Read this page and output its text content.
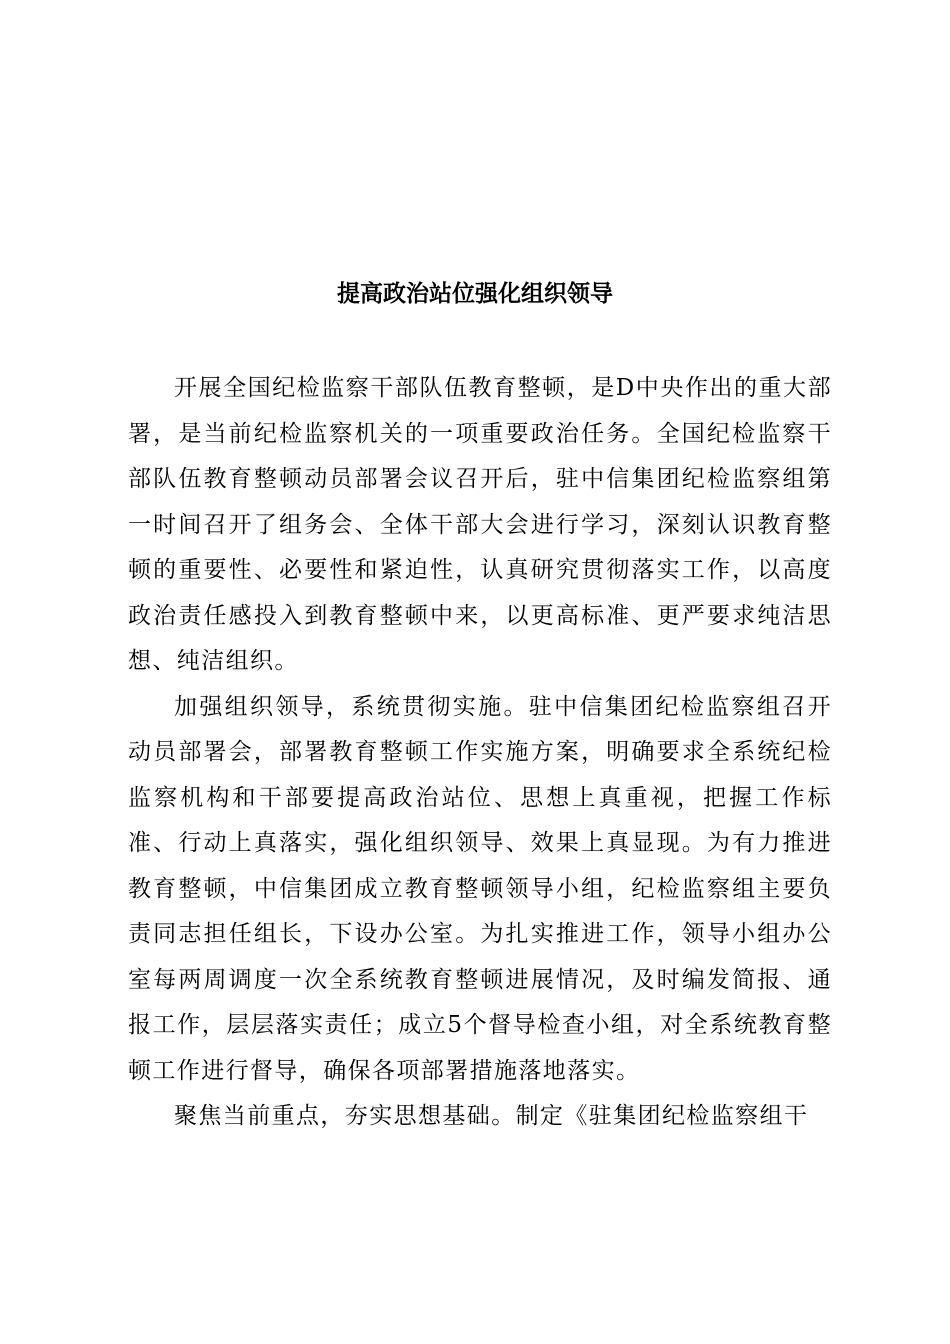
提高政治站位强化组织领导

开展全国纪检监察干部队伍教育整顿，是D中央作出的重大部署，是当前纪检监察机关的一项重要政治任务。全国纪检监察干部队伍教育整顿动员部署会议召开后，驻中信集团纪检监察组第一时间召开了组务会、全体干部大会进行学习，深刻认识教育整顿的重要性、必要性和紧迫性，认真研究贯彻落实工作，以高度政治责任感投入到教育整顿中来，以更高标准、更严要求纯洁思想、纯洁组织。

加强组织领导，系统贯彻实施。驻中信集团纪检监察组召开动员部署会，部署教育整顿工作实施方案，明确要求全系统纪检监察机构和干部要提高政治站位、思想上真重视，把握工作标准、行动上真落实，强化组织领导、效果上真显现。为有力推进教育整顿，中信集团成立教育整顿领导小组，纪检监察组主要负责同志担任组长，下设办公室。为扎实推进工作，领导小组办公室每两周调度一次全系统教育整顿进展情况，及时编发简报、通报工作，层层落实责任；成立5个督导检查小组，对全系统教育整顿工作进行督导，确保各项部署措施落地落实。

聚焦当前重点，夯实思想基础。制定《驻集团纪检监察组干
